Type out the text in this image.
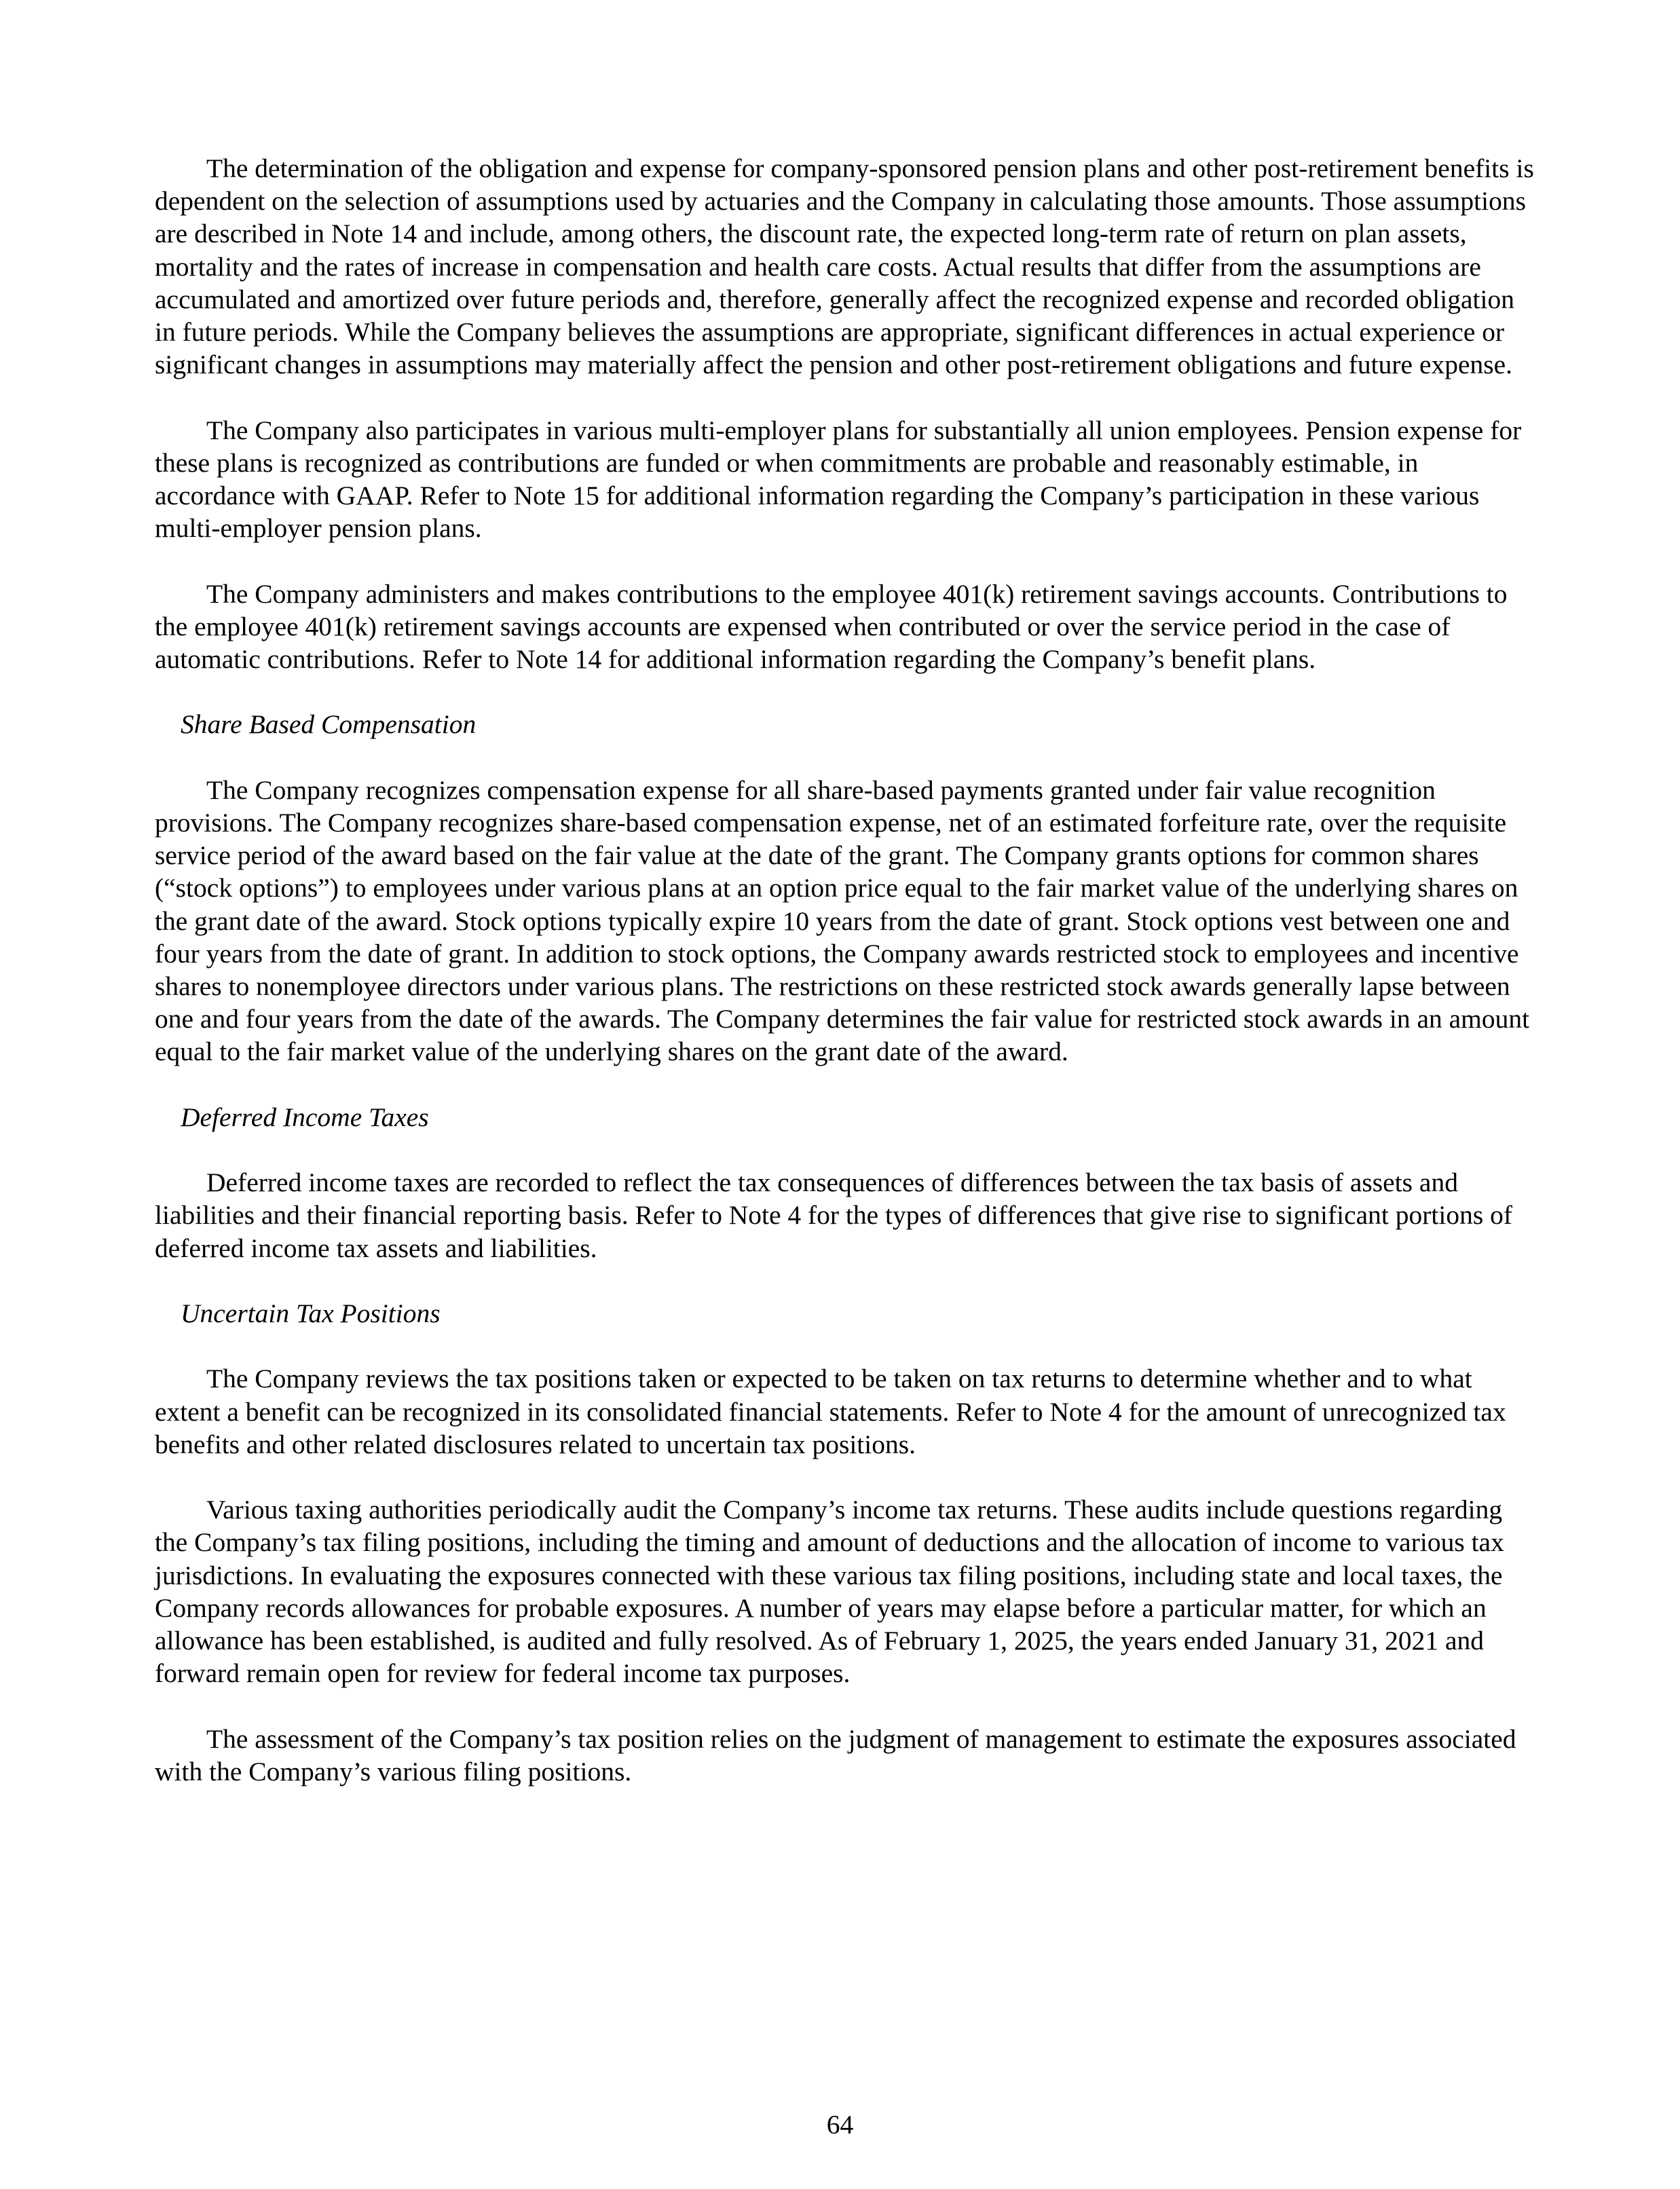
The determination of the obligation and expense for company-sponsored pension plans and other post-retirement benefits is dependent on the selection of assumptions used by actuaries and the Company in calculating those amounts. Those assumptions are described in Note 14 and include, among others, the discount rate, the expected long-term rate of return on plan assets, mortality and the rates of increase in compensation and health care costs. Actual results that differ from the assumptions are accumulated and amortized over future periods and, therefore, generally affect the recognized expense and recorded obligation in future periods. While the Company believes the assumptions are appropriate, significant differences in actual experience or significant changes in assumptions may materially affect the pension and other post-retirement obligations and future expense.

The Company also participates in various multi-employer plans for substantially all union employees. Pension expense for these plans is recognized as contributions are funded or when commitments are probable and reasonably estimable, in accordance with GAAP. Refer to Note 15 for additional information regarding the Company’s participation in these various multi-employer pension plans.

The Company administers and makes contributions to the employee 401(k) retirement savings accounts. Contributions to the employee 401(k) retirement savings accounts are expensed when contributed or over the service period in the case of automatic contributions. Refer to Note 14 for additional information regarding the Company’s benefit plans.

Share Based Compensation

The Company recognizes compensation expense for all share-based payments granted under fair value recognition provisions. The Company recognizes share-based compensation expense, net of an estimated forfeiture rate, over the requisite service period of the award based on the fair value at the date of the grant. The Company grants options for common shares (“stock options”) to employees under various plans at an option price equal to the fair market value of the underlying shares on the grant date of the award. Stock options typically expire 10 years from the date of grant. Stock options vest between one and four years from the date of grant. In addition to stock options, the Company awards restricted stock to employees and incentive shares to nonemployee directors under various plans. The restrictions on these restricted stock awards generally lapse between one and four years from the date of the awards. The Company determines the fair value for restricted stock awards in an amount equal to the fair market value of the underlying shares on the grant date of the award.

Deferred Income Taxes

Deferred income taxes are recorded to reflect the tax consequences of differences between the tax basis of assets and liabilities and their financial reporting basis. Refer to Note 4 for the types of differences that give rise to significant portions of deferred income tax assets and liabilities.

Uncertain Tax Positions

The Company reviews the tax positions taken or expected to be taken on tax returns to determine whether and to what extent a benefit can be recognized in its consolidated financial statements. Refer to Note 4 for the amount of unrecognized tax benefits and other related disclosures related to uncertain tax positions.

Various taxing authorities periodically audit the Company’s income tax returns. These audits include questions regarding the Company’s tax filing positions, including the timing and amount of deductions and the allocation of income to various tax jurisdictions. In evaluating the exposures connected with these various tax filing positions, including state and local taxes, the Company records allowances for probable exposures. A number of years may elapse before a particular matter, for which an allowance has been established, is audited and fully resolved. As of February 1, 2025, the years ended January 31, 2021 and forward remain open for review for federal income tax purposes.

The assessment of the Company’s tax position relies on the judgment of management to estimate the exposures associated with the Company’s various filing positions.

64
